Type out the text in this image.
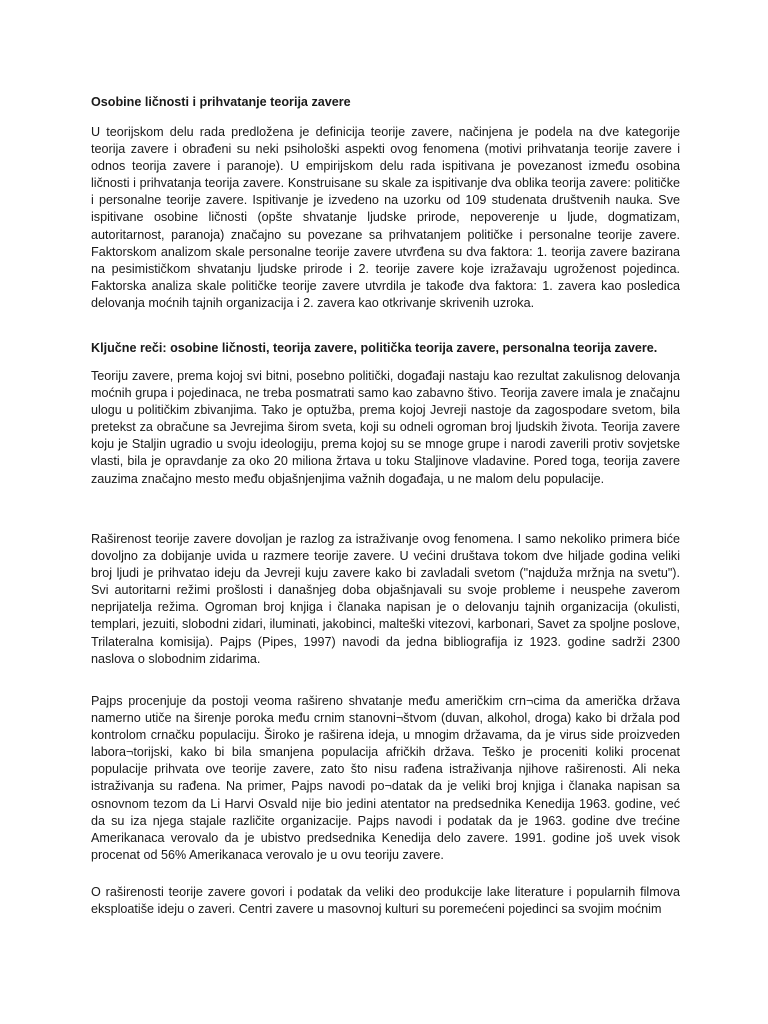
Osobine ličnosti i prihvatanje teorija zavere

U teorijskom delu rada predložena je definicija teorije zavere, načinjena je podela na dve kategorije teorija zavere i obrađeni su neki psihološki aspekti ovog fenomena (motivi prihvatanja teorije zavere i odnos teorija zavere i paranoje). U empirijskom delu rada ispitivana je povezanost između osobina ličnosti i prihvatanja teorija zavere. Konstruisane su skale za ispitivanje dva oblika teorija zavere: političke i personalne teorije zavere. Ispitivanje je izvedeno na uzorku od 109 studenata društvenih nauka. Sve ispitivane osobine ličnosti (opšte shvatanje ljudske prirode, nepoverenje u ljude, dogmatizam, autoritarnost, paranoja) značajno su povezane sa prihvatanjem političke i personalne teorije zavere. Faktorskom analizom skale personalne teorije zavere utvrđena su dva faktora: 1. teorija zavere bazirana na pesimističkom shvatanju ljudske prirode i 2. teorije zavere koje izražavaju ugroženost pojedinca. Faktorska analiza skale političke teorije zavere utvrdila je takođe dva faktora: 1. zavera kao posledica delovanja moćnih tajnih organizacija i 2. zavera kao otkrivanje skrivenih uzroka.

Ključne reči: osobine ličnosti, teorija zavere, politička teorija zavere, personalna teorija zavere.

Teoriju zavere, prema kojoj svi bitni, posebno politički, događaji nastaju kao rezultat zakulisnog delovanja moćnih grupa i pojedinaca, ne treba posmatrati samo kao zabavno štivo. Teorija zavere imala je značajnu ulogu u političkim zbivanjima. Tako je optužba, prema kojoj Jevreji nastoje da zagospodare svetom, bila pretekst za obračune sa Jevrejima širom sveta, koji su odneli ogroman broj ljudskih života. Teorija zavere koju je Staljin ugradio u svoju ideologiju, prema kojoj su se mnoge grupe i narodi zaverili protiv sovjetske vlasti, bila je opravdanje za oko 20 miliona žrtava u toku Staljinove vladavine. Pored toga, teorija zavere zauzima značajno mesto među objašnjenjima važnih događaja, u ne malom delu populacije.

Raširenost teorije zavere dovoljan je razlog za istraživanje ovog fenomena. I samo nekoliko primera biće dovoljno za dobijanje uvida u razmere teorije zavere. U većini društava tokom dve hiljade godina veliki broj ljudi je prihvatao ideju da Jevreji kuju zavere kako bi zavladali svetom ("najduža mržnja na svetu"). Svi autoritarni režimi prošlosti i današnjeg doba objašnjavali su svoje probleme i neuspehe zaverom neprijatelja režima. Ogroman broj knjiga i članaka napisan je o delovanju tajnih organizacija (okulisti, templari, jezuiti, slobodni zidari, iluminati, jakobinci, malteški vitezovi, karbonari, Savet za spoljne poslove, Trilateralna komisija). Pajps (Pipes, 1997) navodi da jedna bibliografija iz 1923. godine sadrži 2300 naslova o slobodnim zidarima.

Pajps procenjuje da postoji veoma rašireno shvatanje među američkim crn¬cima da američka država namerno utiče na širenje poroka među crnim stanovni¬štvom (duvan, alkohol, droga) kako bi držala pod kontrolom crnačku populaciju. Široko je raširena ideja, u mnogim državama, da je virus side proizveden labora¬torijski, kako bi bila smanjena populacija afričkih država. Teško je proceniti koliki procenat populacije prihvata ove teorije zavere, zato što nisu rađena istraživanja njihove raširenosti. Ali neka istraživanja su rađena. Na primer, Pajps navodi po¬datak da je veliki broj knjiga i članaka napisan sa osnovnom tezom da Li Harvi Osvald nije bio jedini atentator na predsednika Kenedija 1963. godine, već da su iza njega stajale različite organizacije. Pajps navodi i podatak da je 1963. godine dve trećine Amerikanaca verovalo da je ubistvo predsednika Kenedija delo zavere. 1991. godine još uvek visok procenat od 56% Amerikanaca verovalo je u ovu teoriju zavere.

O raširenosti teorije zavere govori i podatak da veliki deo produkcije lake literature i popularnih filmova eksploatiše ideju o zaveri. Centri zavere u masovnoj kulturi su poremećeni pojedinci sa svojim moćnim
